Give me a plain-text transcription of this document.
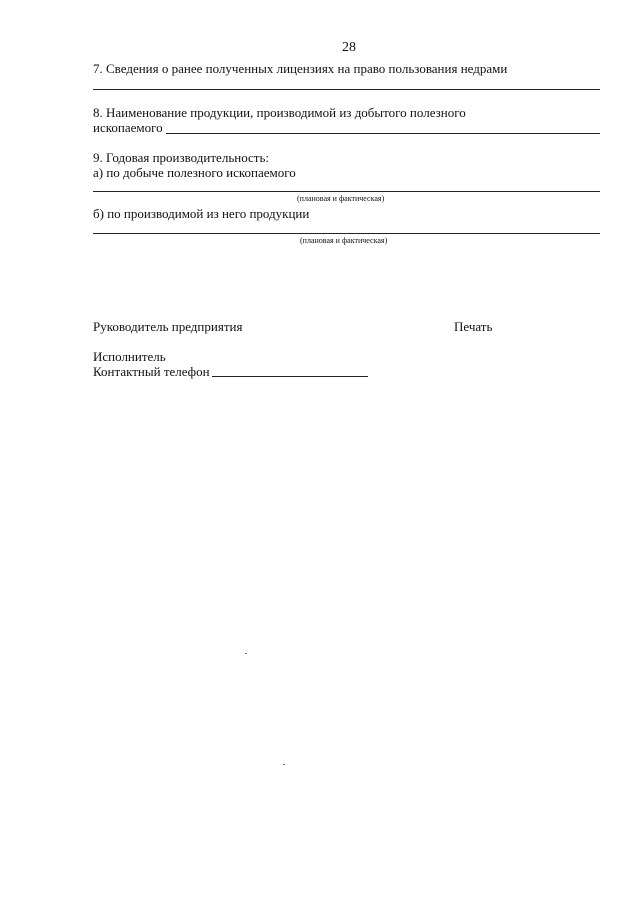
28
7. Сведения о ранее полученных лицензиях на право пользования недрами
8. Наименование продукции, производимой из добытого полезного
ископаемого
9. Годовая производительность:
а) по добыче полезного ископаемого
(плановая и фактическая)
б) по производимой из него продукции
(плановая и фактическая)
Руководитель предприятия	Печать
Исполнитель
Контактный телефон
